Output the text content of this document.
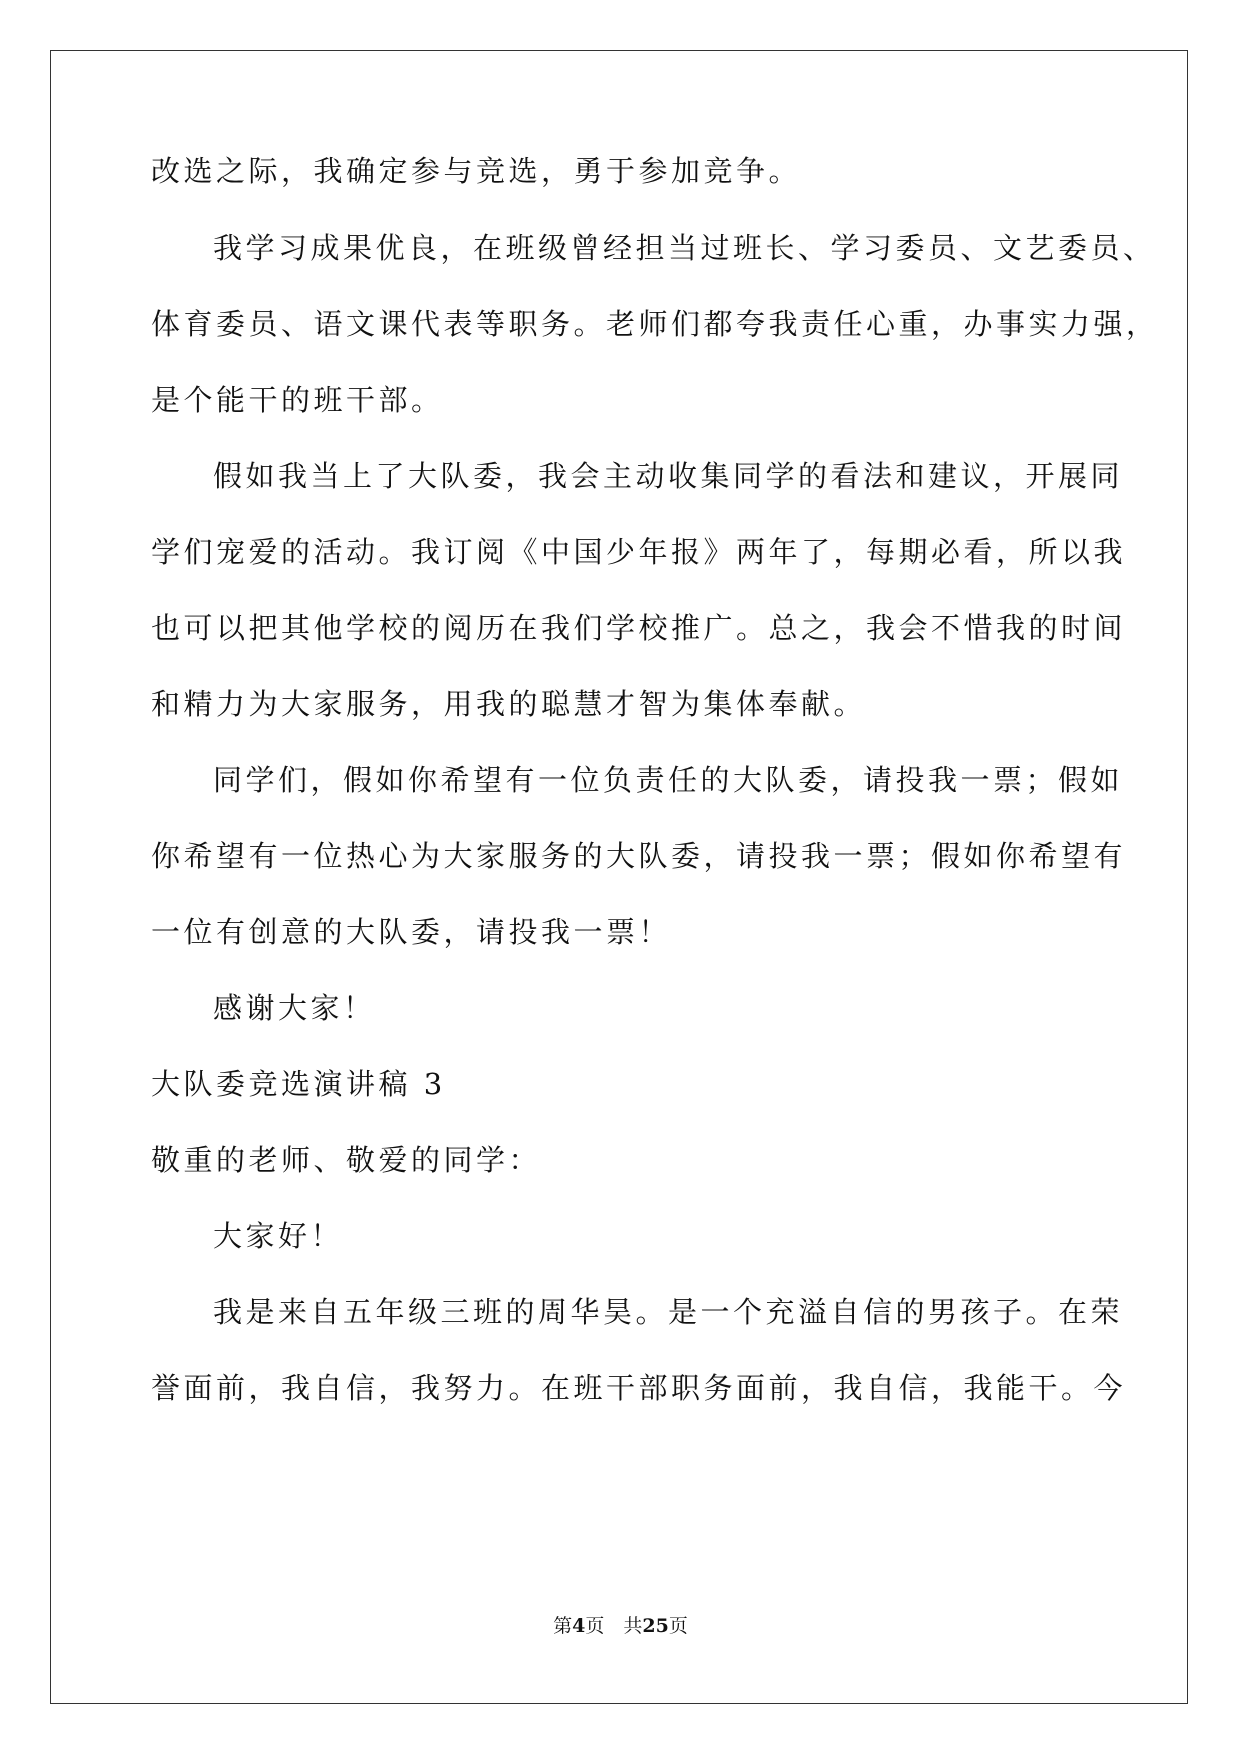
改选之际，我确定参与竞选，勇于参加竞争。
我学习成果优良，在班级曾经担当过班长、学习委员、文艺委员、
体育委员、语文课代表等职务。老师们都夸我责任心重，办事实力强，
是个能干的班干部。
假如我当上了大队委，我会主动收集同学的看法和建议，开展同
学们宠爱的活动。我订阅《中国少年报》两年了，每期必看，所以我
也可以把其他学校的阅历在我们学校推广。总之，我会不惜我的时间
和精力为大家服务，用我的聪慧才智为集体奉献。
同学们，假如你希望有一位负责任的大队委，请投我一票；假如
你希望有一位热心为大家服务的大队委，请投我一票；假如你希望有
一位有创意的大队委，请投我一票！
感谢大家！
大队委竞选演讲稿 3
敬重的老师、敬爱的同学：
大家好！
我是来自五年级三班的周华昊。是一个充溢自信的男孩子。在荣
誉面前，我自信，我努力。在班干部职务面前，我自信，我能干。今
第4页　共25页
